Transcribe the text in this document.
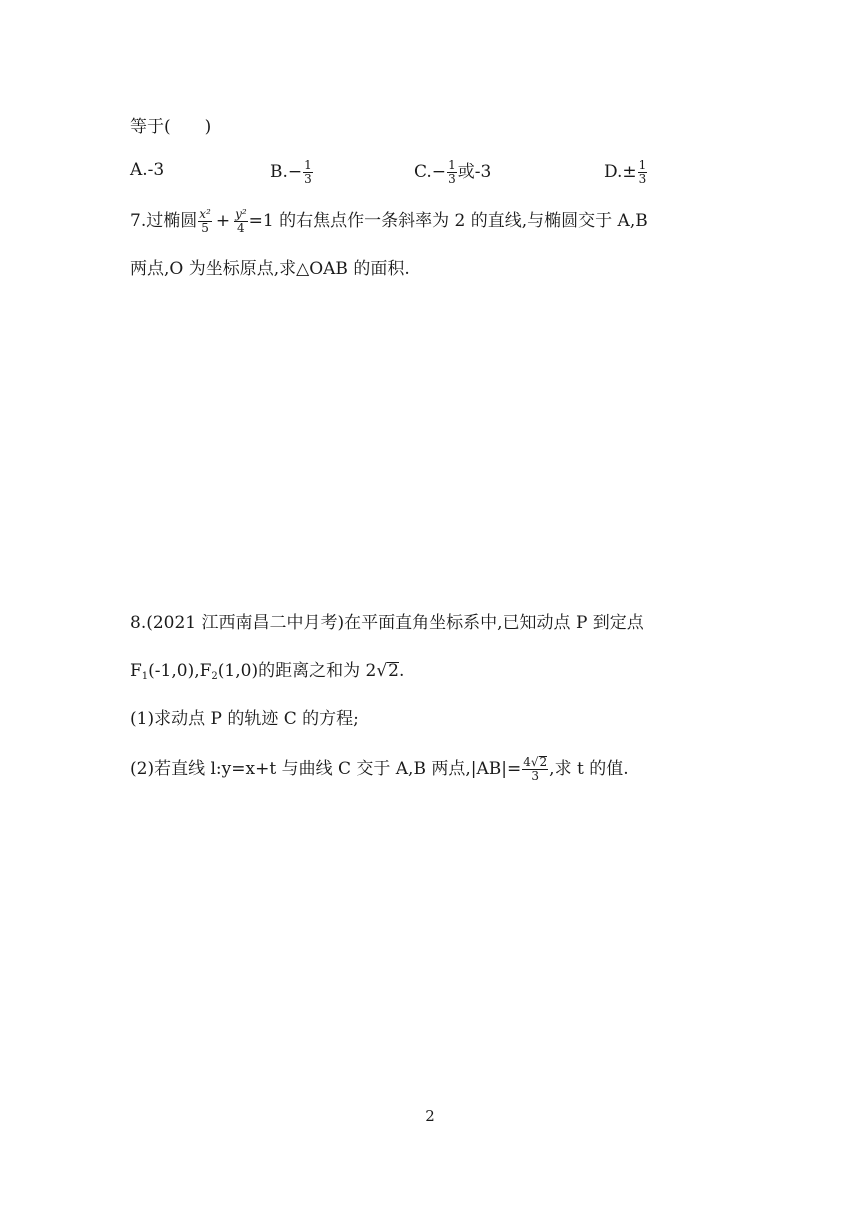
等于(　　)
A.-3	$B.- \frac{1}{3}$	$C.- \frac{1}{3}$ 或-3	$D.\pm \frac{1}{3}$
7.过椭圆 $\frac{\text{x²}}{5} + \frac{\text{y²}}{4} =1$ 的右焦点作一条斜率为 2 的直线,与椭圆交于 A,B
两点,O 为坐标原点,求△OAB 的面积.
8.(2021 江西南昌二中月考)在平面直角坐标系中,已知动点 P 到定点
$F_1(-1,0),F_2(1,0)$的距离之和为 2√2.
(1)求动点 P 的轨迹 C 的方程;
(2)若直线 l:y=x+t 与曲线 C 交于 A,B 两点$,|AB|= \frac{4√2}{3}$ ,求 t 的值.
2
